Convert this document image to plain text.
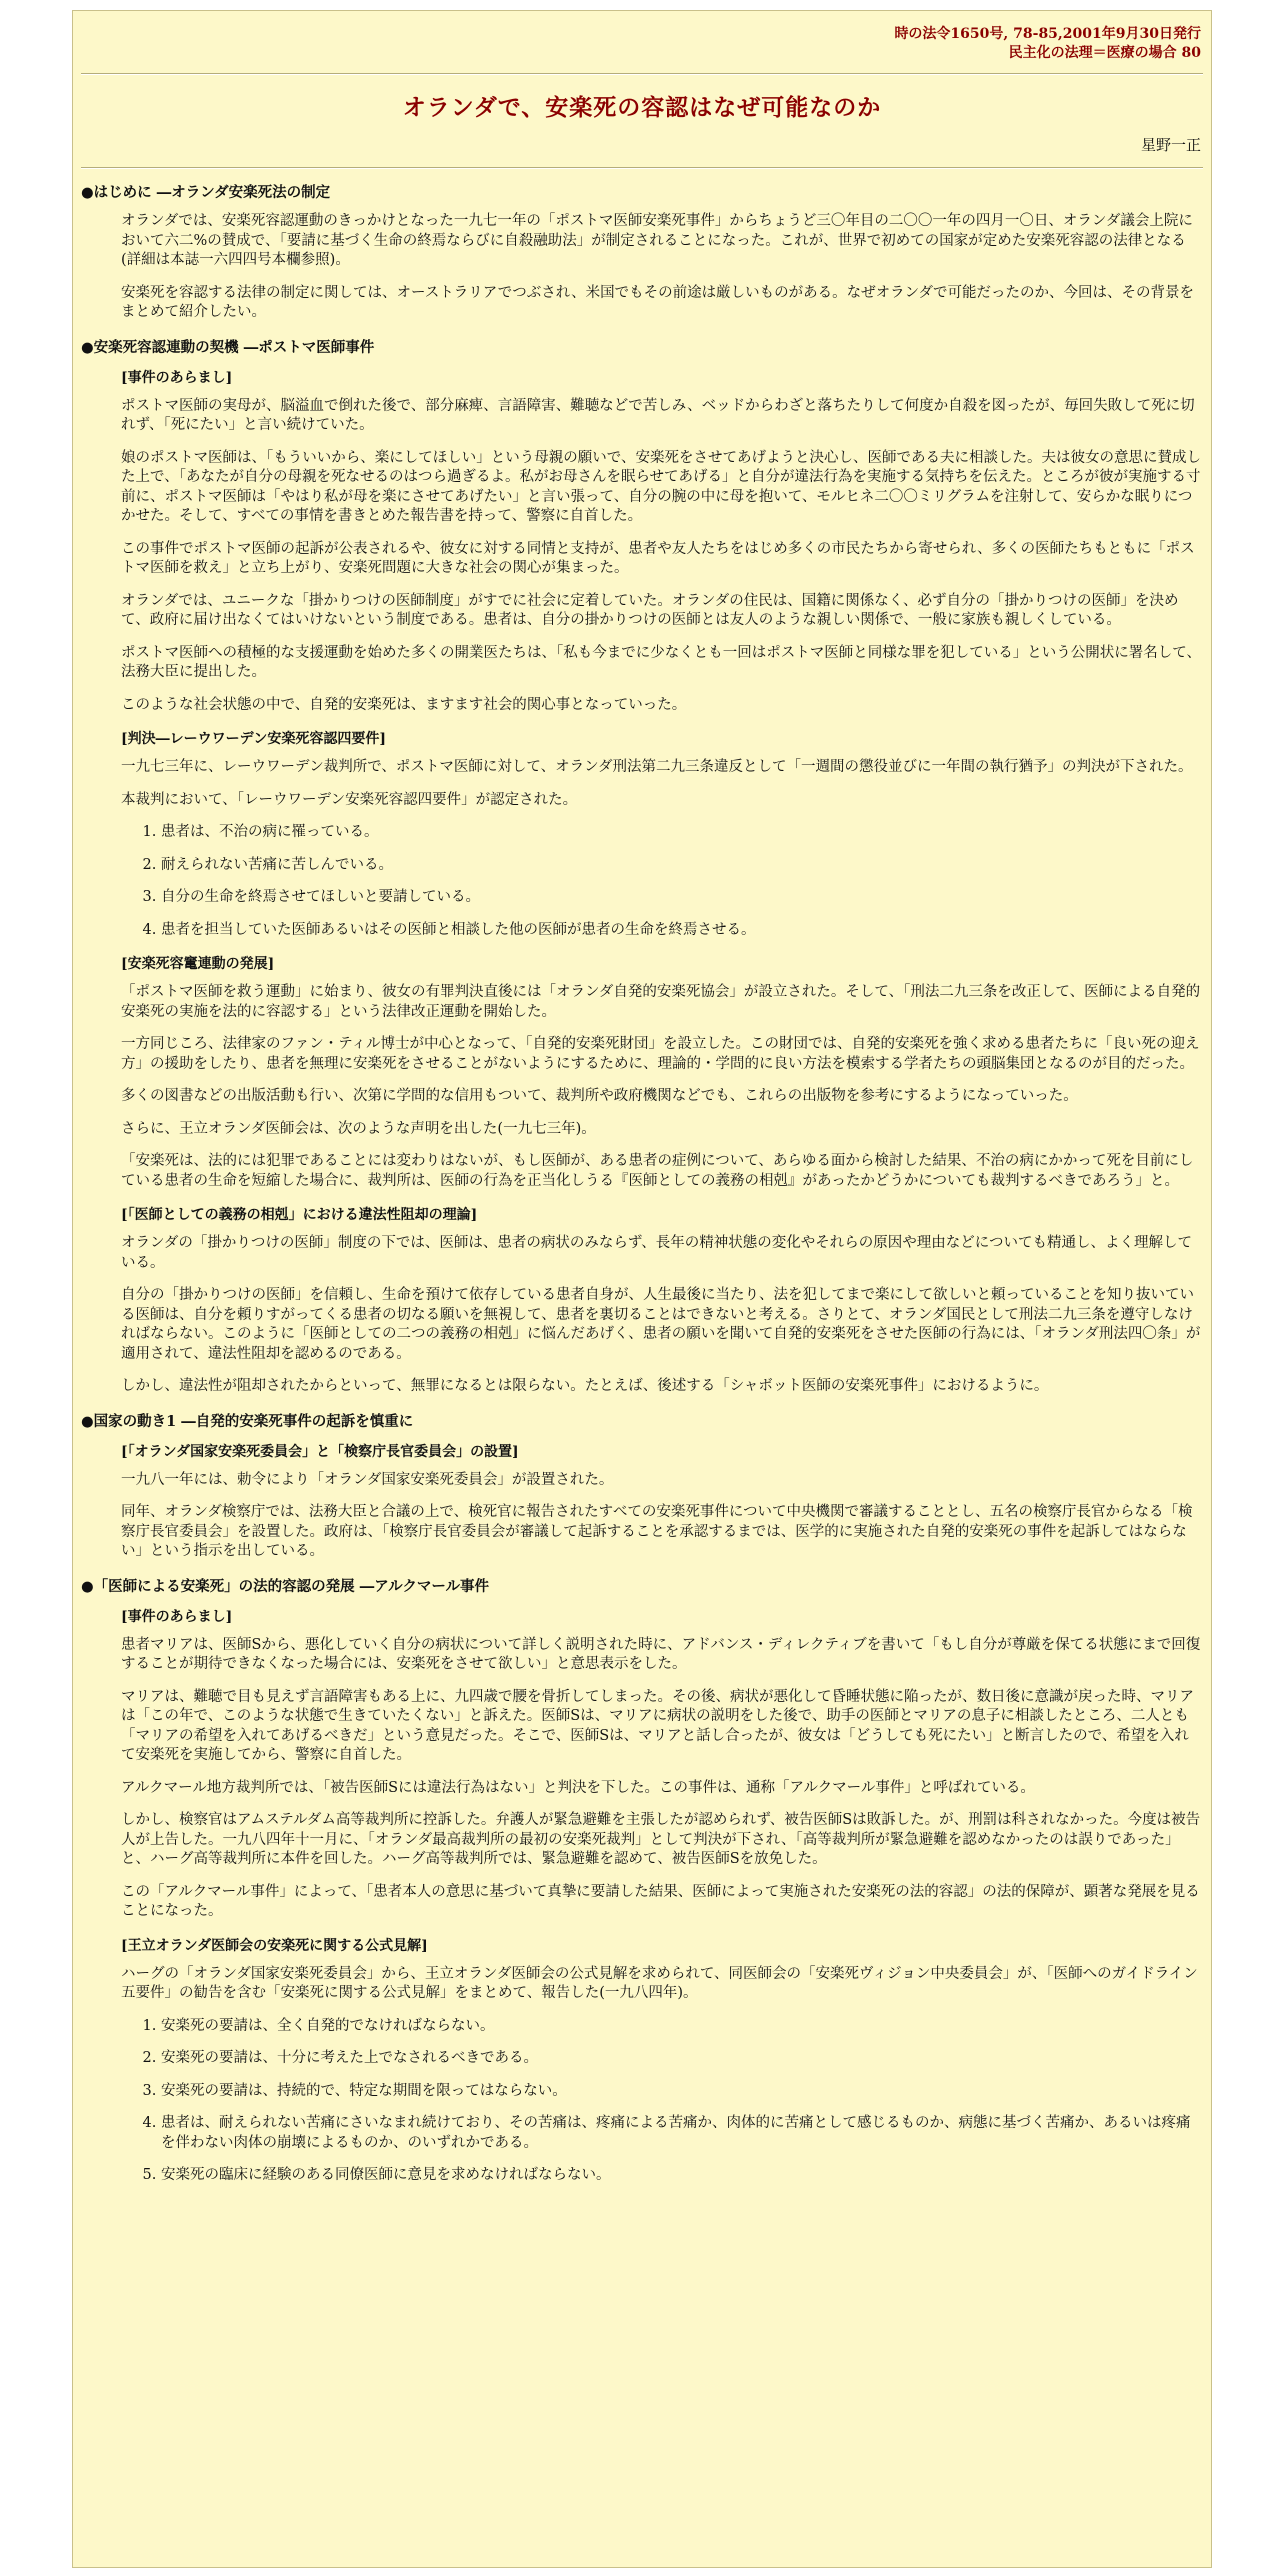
時の法令1650号, 78-85,2001年9月30日発行
民主化の法理＝医療の場合 80
オランダで、安楽死の容認はなぜ可能なのか
星野一正
●はじめに ―オランダ安楽死法の制定

オランダでは、安楽死容認運動のきっかけとなった一九七一年の「ポストマ医師安楽死事件」からちょうど三〇年目の二〇〇一年の四月一〇日、オランダ議会上院において六二%の賛成で、「要請に基づく生命の終焉ならびに自殺融助法」が制定されることになった。これが、世界で初めての国家が定めた安楽死容認の法律となる(詳細は本誌一六四四号本欄参照)。

安楽死を容認する法律の制定に関しては、オーストラリアでつぶされ、米国でもその前途は厳しいものがある。なぜオランダで可能だったのか、今回は、その背景をまとめて紹介したい。

●安楽死容認連動の契機 ―ポストマ医師事件
[事件のあらまし]

ポストマ医師の実母が、脳溢血で倒れた後で、部分麻痺、言語障害、難聴などで苦しみ、ベッドからわざと落ちたりして何度か自殺を図ったが、毎回失敗して死に切れず、「死にたい」と言い続けていた。

娘のポストマ医師は、「もういいから、楽にしてほしい」という母親の願いで、安楽死をさせてあげようと決心し、医師である夫に相談した。夫は彼女の意思に賛成した上で、「あなたが自分の母親を死なせるのはつら過ぎるよ。私がお母さんを眠らせてあげる」と自分が違法行為を実施する気持ちを伝えた。ところが彼が実施する寸前に、ポストマ医師は「やはり私が母を楽にさせてあげたい」と言い張って、自分の腕の中に母を抱いて、モルヒネ二〇〇ミリグラムを注射して、安らかな眠りにつかせた。そして、すべての事情を書きとめた報告書を持って、警察に自首した。

この事件でポストマ医師の起訴が公表されるや、彼女に対する同情と支持が、患者や友人たちをはじめ多くの市民たちから寄せられ、多くの医師たちもともに「ポストマ医師を救え」と立ち上がり、安楽死問題に大きな社会の関心が集まった。

オランダでは、ユニークな「掛かりつけの医師制度」がすでに社会に定着していた。オランダの住民は、国籍に関係なく、必ず自分の「掛かりつけの医師」を決めて、政府に届け出なくてはいけないという制度である。患者は、自分の掛かりつけの医師とは友人のような親しい関係で、一般に家族も親しくしている。

ポストマ医師への積極的な支援運動を始めた多くの開業医たちは、「私も今までに少なくとも一回はポストマ医師と同様な罪を犯している」という公開状に署名して、法務大臣に提出した。

このような社会状態の中で、自発的安楽死は、ますます社会的関心事となっていった。

[判決―レーウワーデン安楽死容認四要件]

一九七三年に、レーウワーデン裁判所で、ポストマ医師に対して、オランダ刑法第二九三条違反として「一週間の懲役並びに一年間の執行猶予」の判決が下された。

本裁判において、「レーウワーデン安楽死容認四要件」が認定された。

1. 患者は、不治の病に罹っている。
2. 耐えられない苦痛に苦しんでいる。
3. 自分の生命を終焉させてほしいと要請している。
4. 患者を担当していた医師あるいはその医師と相談した他の医師が患者の生命を終焉させる。
[安楽死容竃連動の発展]

「ポストマ医師を救う運動」に始まり、彼女の有罪判決直後には「オランダ自発的安楽死協会」が設立された。そして、「刑法二九三条を改正して、医師による自発的安楽死の実施を法的に容認する」という法律改正運動を開始した。

一方同じころ、法律家のファン・ティル博士が中心となって、「自発的安楽死財団」を設立した。この財団では、自発的安楽死を強く求める患者たちに「良い死の迎え方」の援助をしたり、患者を無理に安楽死をさせることがないようにするために、理論的・学問的に良い方法を模索する学者たちの頭脳集団となるのが目的だった。

多くの図書などの出版活動も行い、次第に学問的な信用もついて、裁判所や政府機関などでも、これらの出版物を参考にするようになっていった。

さらに、王立オランダ医師会は、次のような声明を出した(一九七三年)。

「安楽死は、法的には犯罪であることには変わりはないが、もし医師が、ある患者の症例について、あらゆる面から検討した結果、不治の病にかかって死を目前にしている患者の生命を短縮した場合に、裁判所は、医師の行為を正当化しうる『医師としての義務の相剋』があったかどうかについても裁判するべきであろう」と。

[「医師としての義務の相剋」における違法性阻却の理論]

オランダの「掛かりつけの医師」制度の下では、医師は、患者の病状のみならず、長年の精神状態の変化やそれらの原因や理由などについても精通し、よく理解している。

自分の「掛かりつけの医師」を信頼し、生命を預けて依存している患者自身が、人生最後に当たり、法を犯してまで楽にして欲しいと頼っていることを知り抜いている医師は、自分を頼りすがってくる患者の切なる願いを無視して、患者を裏切ることはできないと考える。さりとて、オランダ国民として刑法二九三条を遵守しなければならない。このように「医師としての二つの義務の相剋」に悩んだあげく、患者の願いを聞いて自発的安楽死をさせた医師の行為には、「オランダ刑法四〇条」が適用されて、違法性阻却を認めるのである。

しかし、違法性が阻却されたからといって、無罪になるとは限らない。たとえば、後述する「シャボット医師の安楽死事件」におけるように。

●国家の動き1 ―自発的安楽死事件の起訴を慎重に
[「オランダ国家安楽死委員会」と「検察庁長官委員会」の設置]

一九八一年には、勅令により「オランダ国家安楽死委員会」が設置された。

同年、オランダ検察庁では、法務大臣と合議の上で、検死官に報告されたすべての安楽死事件について中央機関で審議することとし、五名の検察庁長官からなる「検察庁長官委員会」を設置した。政府は、「検察庁長官委員会が審議して起訴することを承認するまでは、医学的に実施された自発的安楽死の事件を起訴してはならない」という指示を出している。

●「医師による安楽死」の法的容認の発展 ―アルクマール事件
[事件のあらまし]

患者マリアは、医師Sから、悪化していく自分の病状について詳しく説明された時に、アドバンス・ディレクティブを書いて「もし自分が尊厳を保てる状態にまで回復することが期待できなくなった場合には、安楽死をさせて欲しい」と意思表示をした。

マリアは、難聴で目も見えず言語障害もある上に、九四歳で腰を骨折してしまった。その後、病状が悪化して昏睡状態に陥ったが、数日後に意識が戻った時、マリアは「この年で、このような状態で生きていたくない」と訴えた。医師Sは、マリアに病状の説明をした後で、助手の医師とマリアの息子に相談したところ、二人とも「マリアの希望を入れてあげるべきだ」という意見だった。そこで、医師Sは、マリアと話し合ったが、彼女は「どうしても死にたい」と断言したので、希望を入れて安楽死を実施してから、警察に自首した。

アルクマール地方裁判所では、「被告医師Sには違法行為はない」と判決を下した。この事件は、通称「アルクマール事件」と呼ばれている。

しかし、検察官はアムステルダム高等裁判所に控訴した。弁護人が緊急避難を主張したが認められず、被告医師Sは敗訴した。が、刑罰は科されなかった。今度は被告人が上告した。一九八四年十一月に、「オランダ最高裁判所の最初の安楽死裁判」として判決が下され、「高等裁判所が緊急避難を認めなかったのは誤りであった」と、ハーグ高等裁判所に本件を回した。ハーグ高等裁判所では、緊急避難を認めて、被告医師Sを放免した。

この「アルクマール事件」によって、「患者本人の意思に基づいて真摯に要請した結果、医師によって実施された安楽死の法的容認」の法的保障が、顕著な発展を見ることになった。

[王立オランダ医師会の安楽死に関する公式見解]

ハーグの「オランダ国家安楽死委員会」から、王立オランダ医師会の公式見解を求められて、同医師会の「安楽死ヴィジョン中央委員会」が、「医師へのガイドライン五要件」の勧告を含む「安楽死に関する公式見解」をまとめて、報告した(一九八四年)。

1. 安楽死の要請は、全く自発的でなければならない。
2. 安楽死の要請は、十分に考えた上でなされるべきである。
3. 安楽死の要請は、持続的で、特定な期間を限ってはならない。
4. 患者は、耐えられない苦痛にさいなまれ続けており、その苦痛は、疼痛による苦痛か、肉体的に苦痛として感じるものか、病態に基づく苦痛か、あるいは疼痛を伴わない肉体の崩壊によるものか、のいずれかである。
5. 安楽死の臨床に経験のある同僚医師に意見を求めなければならない。
